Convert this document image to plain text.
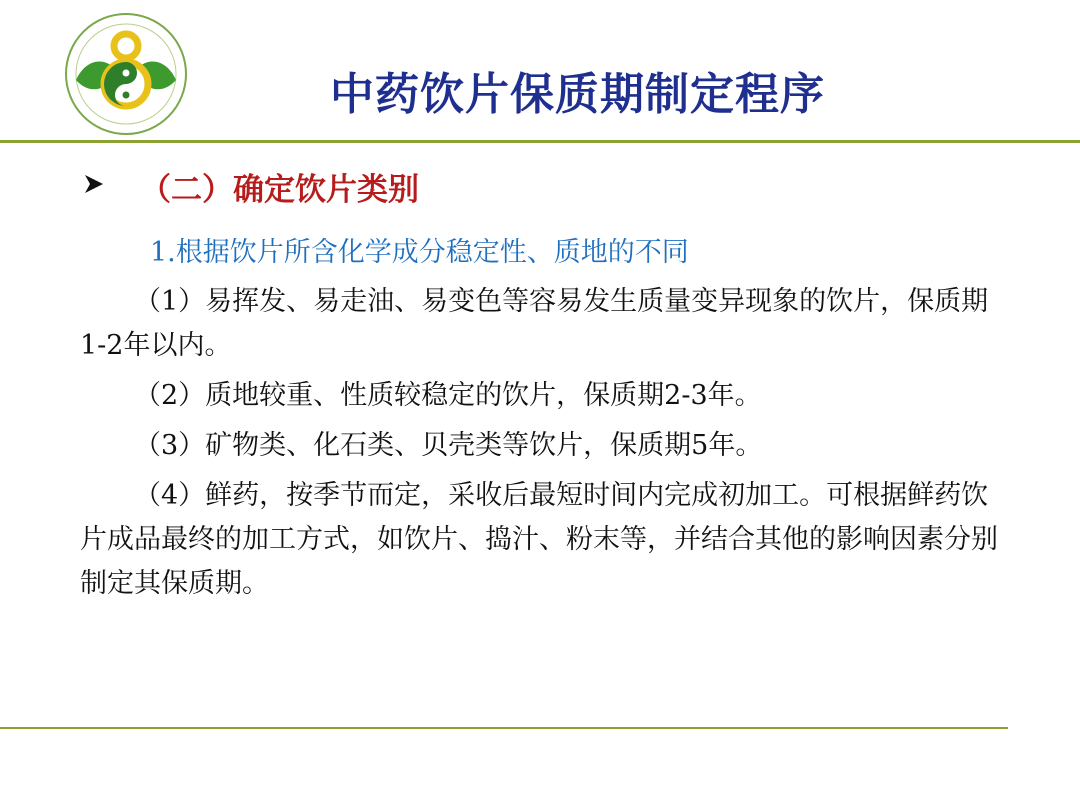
中药饮片保质期制定程序
（二）确定饮片类别
1.根据饮片所含化学成分稳定性、质地的不同

（1）易挥发、易走油、易变色等容易发生质量变异现象的饮片，保质期1-2年以内。

（2）质地较重、性质较稳定的饮片，保质期2-3年。

（3）矿物类、化石类、贝壳类等饮片，保质期5年。

（4）鲜药，按季节而定，采收后最短时间内完成初加工。可根据鲜药饮片成品最终的加工方式，如饮片、捣汁、粉末等，并结合其他的影响因素分别制定其保质期。
